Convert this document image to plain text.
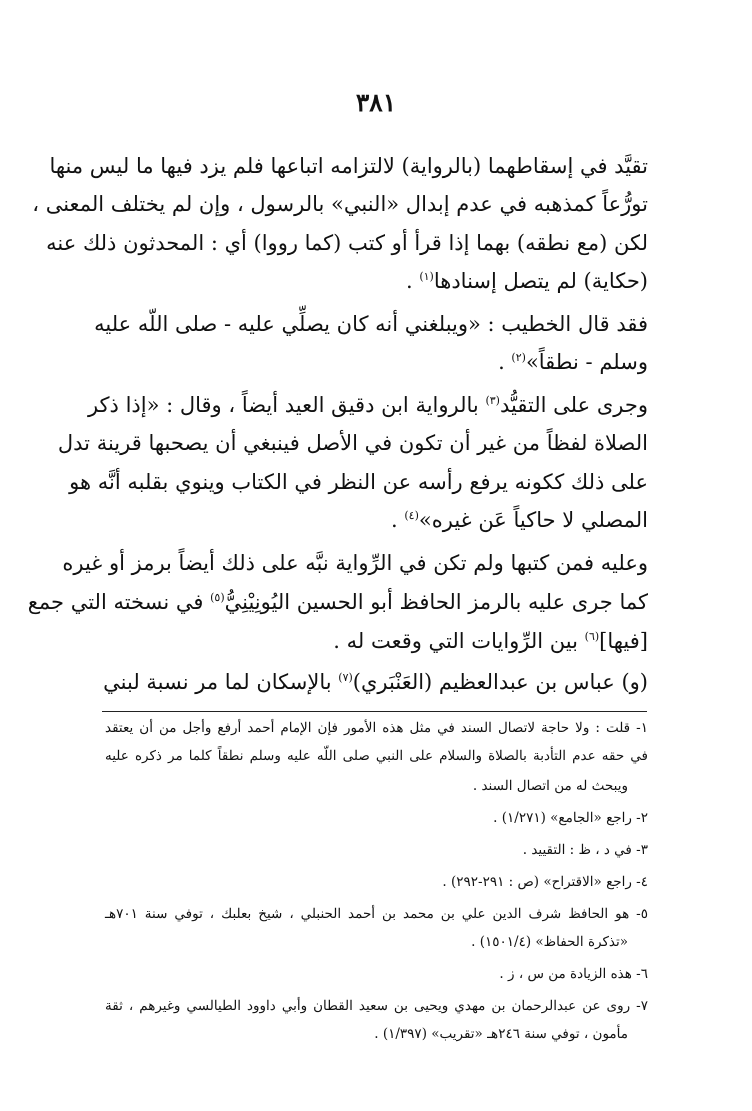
٣٨١
تقيَّد في إسقاطهما (بالرواية) لالتزامه اتباعها فلم يزد فيها ما ليس منها
تورُّعاً كمذهبه في عدم إبدال «النبي» بالرسول ، وإن لم يختلف المعنى ،
لكن (مع نطقه) بهما إذا قرأ أو كتب (كما رووا) أي : المحدثون ذلك عنه
(حكاية) لم يتصل إسنادها$^{(١)}$ .
فقد قال الخطيب : «ويبلغني أنه كان يصلِّي عليه - صلى اللّه عليه
وسلم - نطقاً»$^{(٢)}$ .
وجرى على التقيُّد$^{(٣)}$ بالرواية ابن دقيق العيد أيضاً ، وقال : «إذا ذكر
الصلاة لفظاً من غير أن تكون في الأصل فينبغي أن يصحبها قرينة تدل
على ذلك ككونه يرفع رأسه عن النظر في الكتاب وينوي بقلبه أنَّه هو
المصلي لا حاكياً عَن غيره»$^{(٤)}$ .
وعليه فمن كتبها ولم تكن في الرِّواية نبَّه على ذلك أيضاً برمز أو غيره
كما جرى عليه بالرمز الحافظ أبو الحسين اليُونِيْنِيُّ$^{(٥)}$ في نسخته التي جمع
[فيها]$^{(٦)}$ بين الرِّوايات التي وقعت له .
(و) عباس بن عبدالعظيم (العَنْبَري)$^{(٧)}$ بالإسكان لما مر نسبة لبني
١- قلت : ولا حاجة لاتصال السند في مثل هذه الأمور فإن الإمام أحمد أرفع وأجل من أن يعتقد
في حقه عدم التأدبة بالصلاة والسلام على النبي صلى اللّه عليه وسلم نطقاً كلما مر ذكره عليه
ويبحث له من اتصال السند .
٢- راجع «الجامع» (١/٢٧١) .
٣- في د ، ظ : التقييد .
٤- راجع «الاقتراح» (ص : ٢٩١-٢٩٢) .
٥- هو الحافظ شرف الدين علي بن محمد بن أحمد الحنبلي ، شيخ بعلبك ، توفي سنة ٧٠١هـ
«تذكرة الحفاظ» (١٥٠١/٤) .
٦- هذه الزيادة من س ، ز .
٧- روى عن عبدالرحمان بن مهدي ويحيى بن سعيد القطان وأبي داوود الطيالسي وغيرهم ، ثقة
مأمون ، توفي سنة ٢٤٦هـ «تقريب» (١/٣٩٧) .
